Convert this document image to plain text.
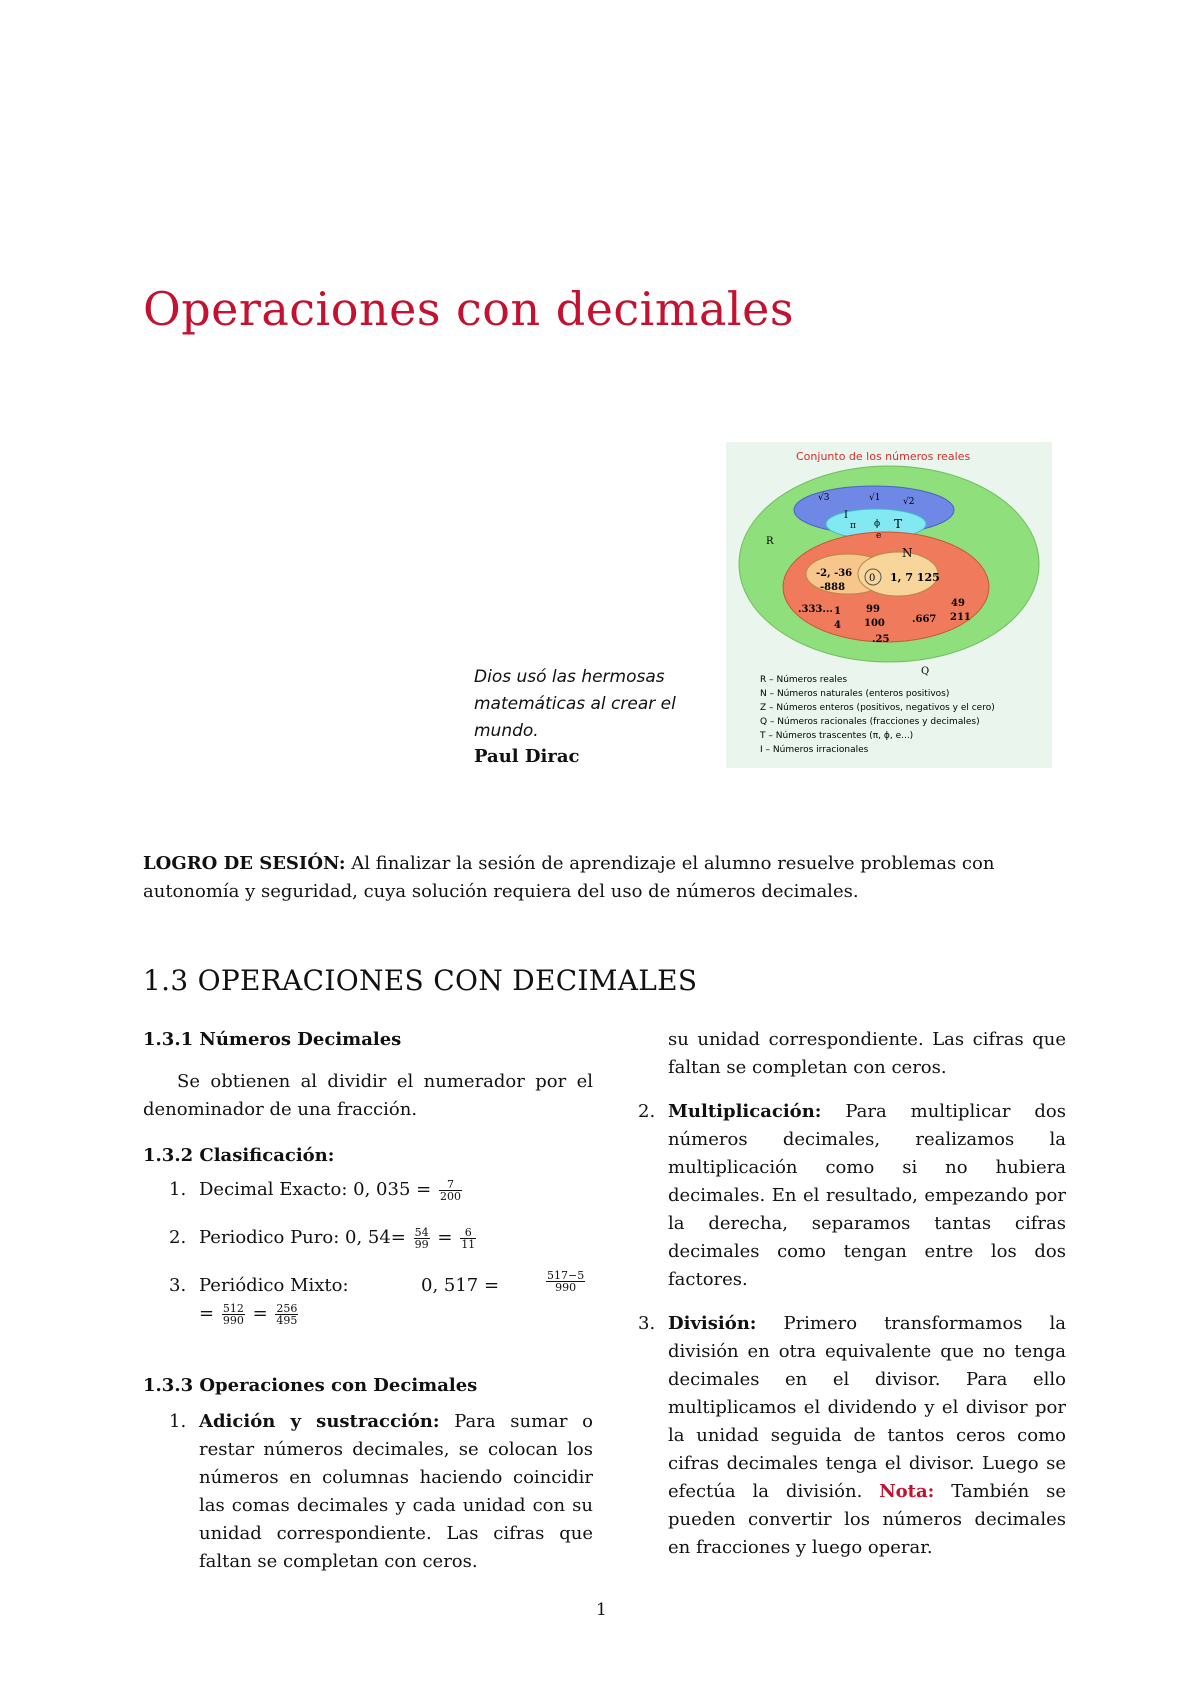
Operaciones con decimales
Conjunto de los números reales
R
I
Q
N
T
√3	√1	√2
π ϕ
e
-2, -36
-888
0 1, 7 125
.333... 1
4
99
100
49
211
.667
.25
R – Números reales
N – Números naturales (enteros positivos)
Z – Números enteros (positivos, negativos y el cero)
Q – Números racionales (fracciones y decimales)
T – Números trascentes (π, ϕ, e...)
I – Números irracionales
Dios usó las hermosas matemáticas al crear el mundo.
Paul Dirac
LOGRO DE SESIÓN: Al finalizar la sesión de aprendizaje el alumno resuelve problemas con autonomía y seguridad, cuya solución requiera del uso de números decimales.
1.3 OPERACIONES CON DECIMALES
1.3.1 Números Decimales
Se obtienen al dividir el numerador por el denominador de una fracción.
1.3.2 Clasificación:
1. Decimal Exacto: 0, $035 = \frac{7}{200}$
2. Periodico Puro: 0, $54= \frac{54}{99} = \frac{6}{11}$
3. Periódico Mixto:	0, 517 =	$\frac{517-5}{990}$

= $\frac{512}{990} = \frac{256}{495}$
1.3.3 Operaciones con Decimales
1. Adición y sustracción: Para sumar o restar números decimales, se colocan los números en columnas haciendo coincidir las comas decimales y cada unidad con su unidad correspondiente. Las cifras que faltan se completan con ceros.
su unidad correspondiente. Las cifras que faltan se completan con ceros.
2. Multiplicación: Para multiplicar dos números decimales, realizamos la multiplicación como si no hubiera decimales. En el resultado, empezando por la derecha, separamos tantas cifras decimales como tengan entre los dos factores.
3. División: Primero transformamos la división en otra equivalente que no tenga decimales en el divisor. Para ello multiplicamos el dividendo y el divisor por la unidad seguida de tantos ceros como cifras decimales tenga el divisor. Luego se efectúa la división. Nota: También se pueden convertir los números decimales en fracciones y luego operar.
1
